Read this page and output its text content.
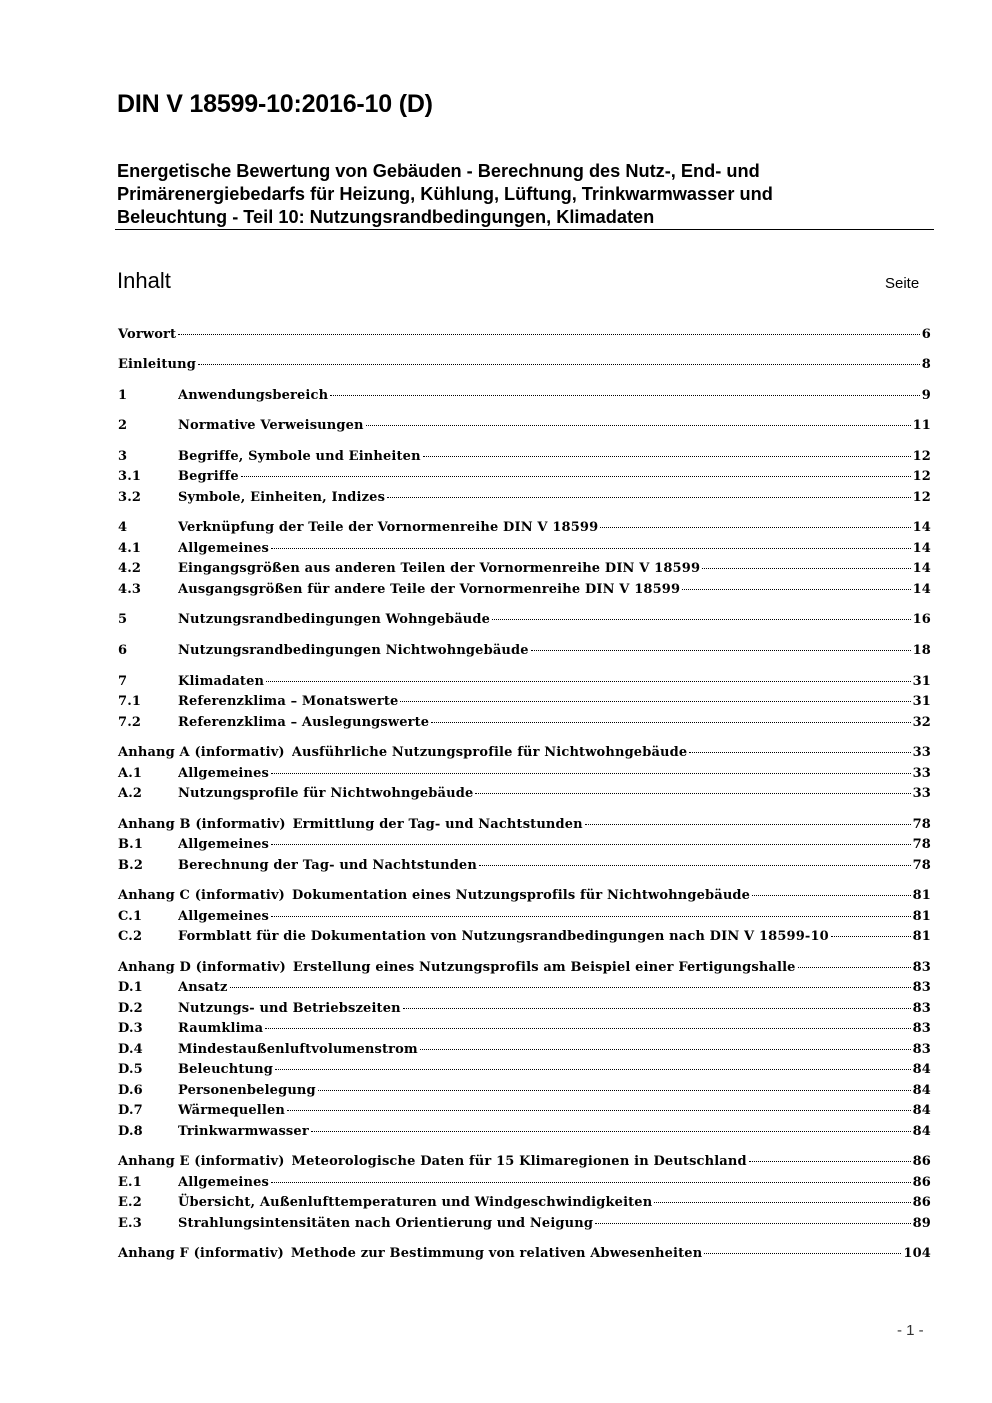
DIN V 18599-10:2016-10 (D)
Energetische Bewertung von Gebäuden - Berechnung des Nutz-, End- und
Primärenergiebedarfs für Heizung, Kühlung, Lüftung, Trinkwarmwasser und
Beleuchtung - Teil 10: Nutzungsrandbedingungen, Klimadaten
Inhalt	Seite
Vorwort	6
Einleitung	8
1	Anwendungsbereich	9
2	Normative Verweisungen	11
3	Begriffe, Symbole und Einheiten	12
3.1	Begriffe	12
3.2	Symbole, Einheiten, Indizes	12
4	Verknüpfung der Teile der Vornormenreihe DIN V 18599	14
4.1	Allgemeines	14
4.2	Eingangsgrößen aus anderen Teilen der Vornormenreihe DIN V 18599	14
4.3	Ausgangsgrößen für andere Teile der Vornormenreihe DIN V 18599	14
5	Nutzungsrandbedingungen Wohngebäude	16
6	Nutzungsrandbedingungen Nichtwohngebäude	18
7	Klimadaten	31
7.1	Referenzklima – Monatswerte	31
7.2	Referenzklima – Auslegungswerte	32
Anhang A (informativ) Ausführliche Nutzungsprofile für Nichtwohngebäude	33
A.1	Allgemeines	33
A.2	Nutzungsprofile für Nichtwohngebäude	33
Anhang B (informativ) Ermittlung der Tag- und Nachtstunden	78
B.1	Allgemeines	78
B.2	Berechnung der Tag- und Nachtstunden	78
Anhang C (informativ) Dokumentation eines Nutzungsprofils für Nichtwohngebäude	81
C.1	Allgemeines	81
C.2	Formblatt für die Dokumentation von Nutzungsrandbedingungen nach DIN V 18599-10	81
Anhang D (informativ) Erstellung eines Nutzungsprofils am Beispiel einer Fertigungshalle	83
D.1	Ansatz	83
D.2	Nutzungs- und Betriebszeiten	83
D.3	Raumklima	83
D.4	Mindestaußenluftvolumenstrom	83
D.5	Beleuchtung	84
D.6	Personenbelegung	84
D.7	Wärmequellen	84
D.8	Trinkwarmwasser	84
Anhang E (informativ) Meteorologische Daten für 15 Klimaregionen in Deutschland	86
E.1	Allgemeines	86
E.2	Übersicht, Außenlufttemperaturen und Windgeschwindigkeiten	86
E.3	Strahlungsintensitäten nach Orientierung und Neigung	89
Anhang F (informativ) Methode zur Bestimmung von relativen Abwesenheiten	104
- 1 -
